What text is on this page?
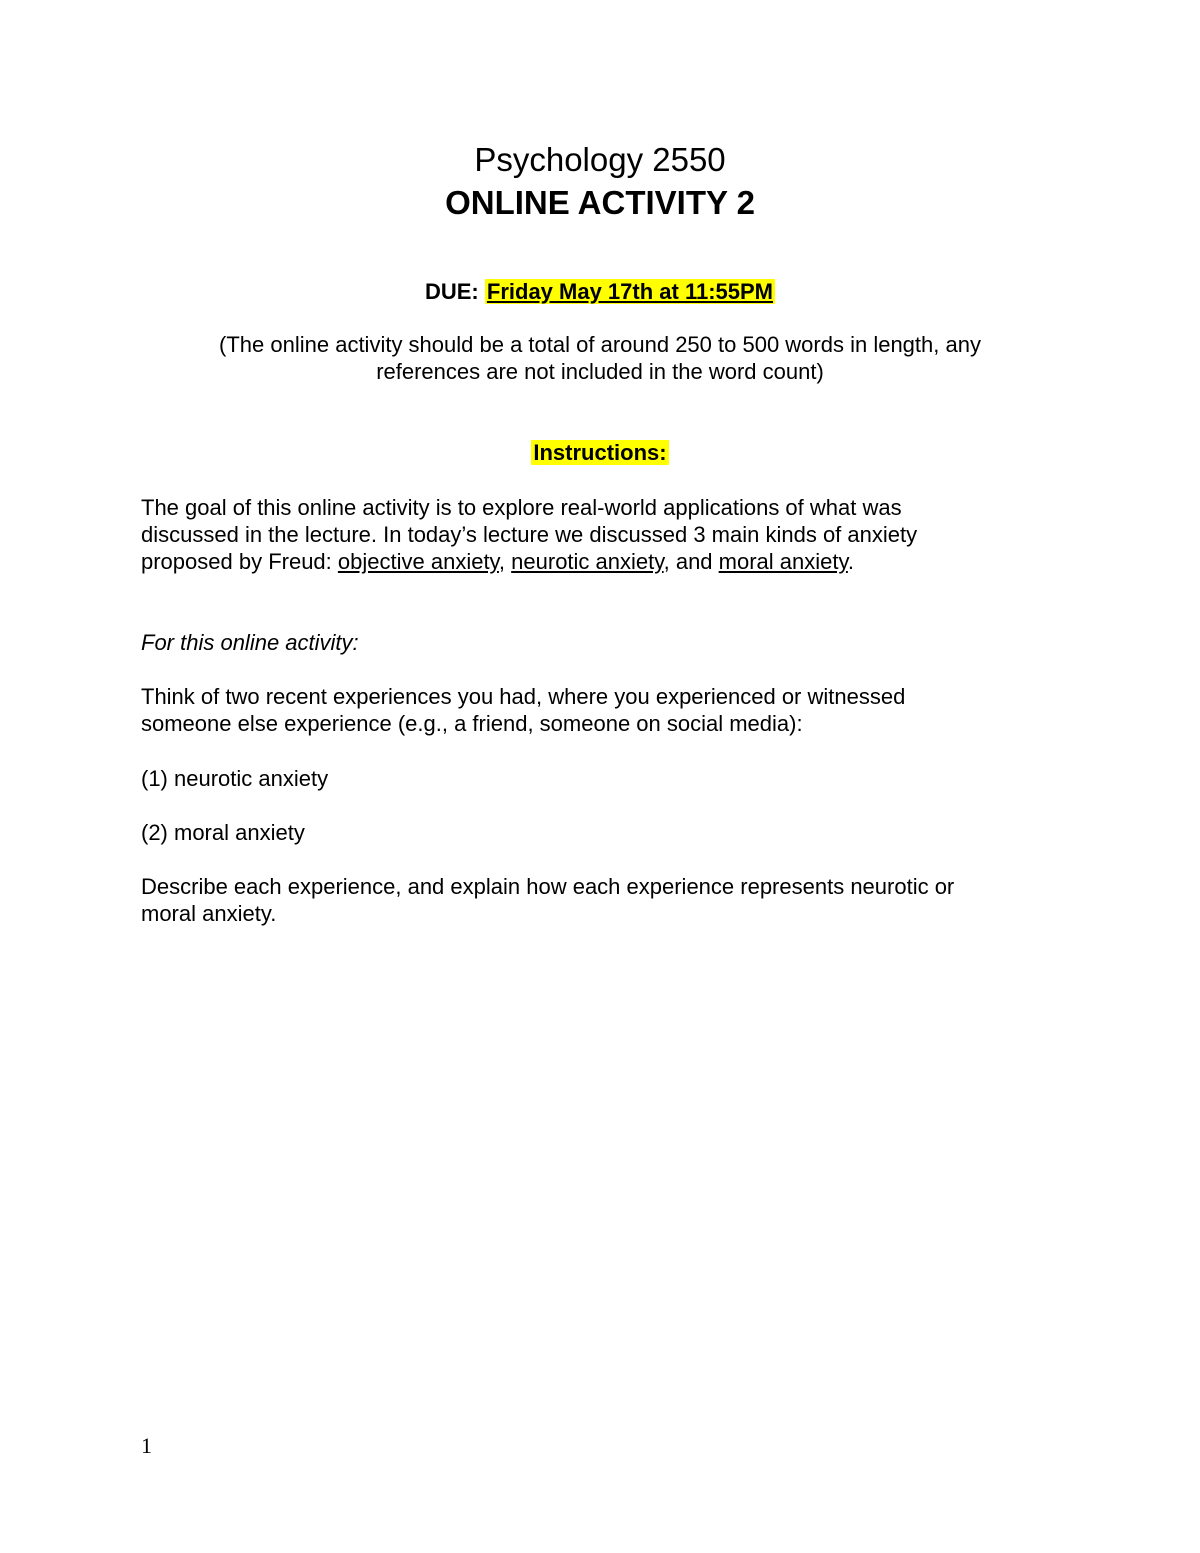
Psychology 2550
ONLINE ACTIVITY 2
DUE: Friday May 17th at 11:55PM
(The online activity should be a total of around 250 to 500 words in length, any
references are not included in the word count)
Instructions:
The goal of this online activity is to explore real-world applications of what was
discussed in the lecture. In today’s lecture we discussed 3 main kinds of anxiety
proposed by Freud: objective anxiety, neurotic anxiety, and moral anxiety.
For this online activity:
Think of two recent experiences you had, where you experienced or witnessed
someone else experience (e.g., a friend, someone on social media):
(1) neurotic anxiety
(2) moral anxiety
Describe each experience, and explain how each experience represents neurotic or
moral anxiety.
1
